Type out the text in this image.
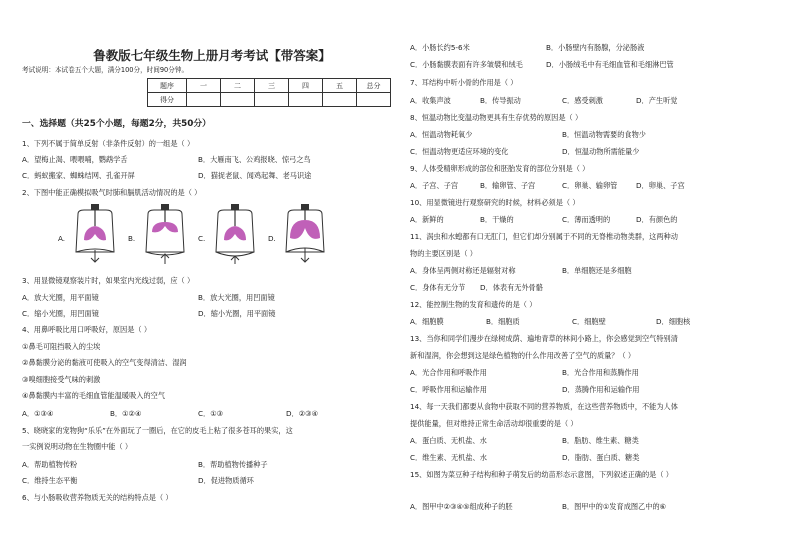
鲁教版七年级生物上册月考考试【带答案】
考试说明：本试卷五个大题，满分100分，时间90分钟。
题序	一	二	三	四	五	总分
得分						
一、选择题（共25个小题，每题2分，共50分）
1、下列不属于简单反射（非条件反射）的一组是（ ）
A．望梅止渴、喂喂哺，鹦鹉学舌	B．大雁南飞、公鸡报晓、惊弓之鸟
C．蚂蚁搬家、蜘蛛结网、孔雀开屏	D．猫捉老鼠、闻鸡起舞、老马识途
2、下图中能正确模拟吸气时肺和膈肌活动情况的是（ ）
A.	B.	C.	D.
3、用显微镜观察装片时，如果室内光线过弱，应（ ）
A．放大光圈，用平面镜	B．放大光圈，用凹面镜
C．缩小光圈，用凹面镜	D．缩小光圈，用平面镜
4、用鼻呼吸比用口呼吸好，原因是（ ）
①鼻毛可阻挡吸入的尘埃
②鼻黏膜分泌的黏液可使吸入的空气变得清洁、湿润
③嗅细胞接受气味的刺激
④鼻黏膜内丰富的毛细血管能温暖吸入的空气
A．①③④	B．①②④	C．①③	D．②③④
5、晓晓家的宠物狗“乐乐”在外面玩了一圈后，在它的皮毛上粘了很多苍耳的果实，这
一实例说明动物在生物圈中能（ ）
A．帮助植物传粉	B．帮助植物传播种子
C．维持生态平衡	D．促进物质循环
6、与小肠吸收营养物质无关的结构特点是（ ）
A．小肠长约5-6米	B．小肠壁内有肠腺，分泌肠液
C．小肠黏膜表面有许多皱襞和绒毛	D．小肠绒毛中有毛细血管和毛细淋巴管
7、耳结构中听小骨的作用是（ ）
A．收集声波	B．传导振动	C．感受刺激	D．产生听觉
8、恒温动物比变温动物更具有生存优势的原因是（ ）
A．恒温动物耗氧少	B．恒温动物需要的食物少
C．恒温动物更适应环境的变化	D．恒温动物所需能量少
9、人体受精卵形成的部位和胚胎发育的部位分别是（ ）
A．子宫、子宫	B．输卵管、子宫	C．卵巢、输卵管	D．卵巢、子宫
10、用显微镜进行观察研究的时候，材料必须是（ ）
A．新鲜的	B．干燥的	C．薄而透明的	D．有颜色的
11、涡虫和水螅都有口无肛门，但它们却分别属于不同的无脊椎动物类群，这两种动
物的主要区别是（ ）
A．身体呈两侧对称还是辐射对称	B．单细胞还是多细胞
C．身体有无分节 D．体表有无外骨骼
12、能控制生物的发育和遗传的是（ ）
A．细胞膜	B．细胞质	C．细胞壁	D．细胞核
13、当你和同学们漫步在绿树成荫、遍地青草的林间小路上，你会感觉到空气特别清
新和湿润，你会想到这是绿色植物的什么作用改善了空气的质量？（ ）
A．光合作用和呼吸作用	B．光合作用和蒸腾作用
C．呼吸作用和运输作用	D．蒸腾作用和运输作用
14、每一天我们都要从食物中获取不同的营养物质，在这些营养物质中，不能为人体
提供能量，但对维持正常生命活动却很重要的是（ ）
A．蛋白质、无机盐、水	B．脂肪、维生素、糖类
C．维生素、无机盐、水	D．脂肪、蛋白质、糖类
15、如图为菜豆种子结构和种子萌发后的幼苗形态示意图，下列叙述正确的是（ ）
A．图甲中②③④⑤组成种子的胚	B．图甲中的①发育成图乙中的⑥
